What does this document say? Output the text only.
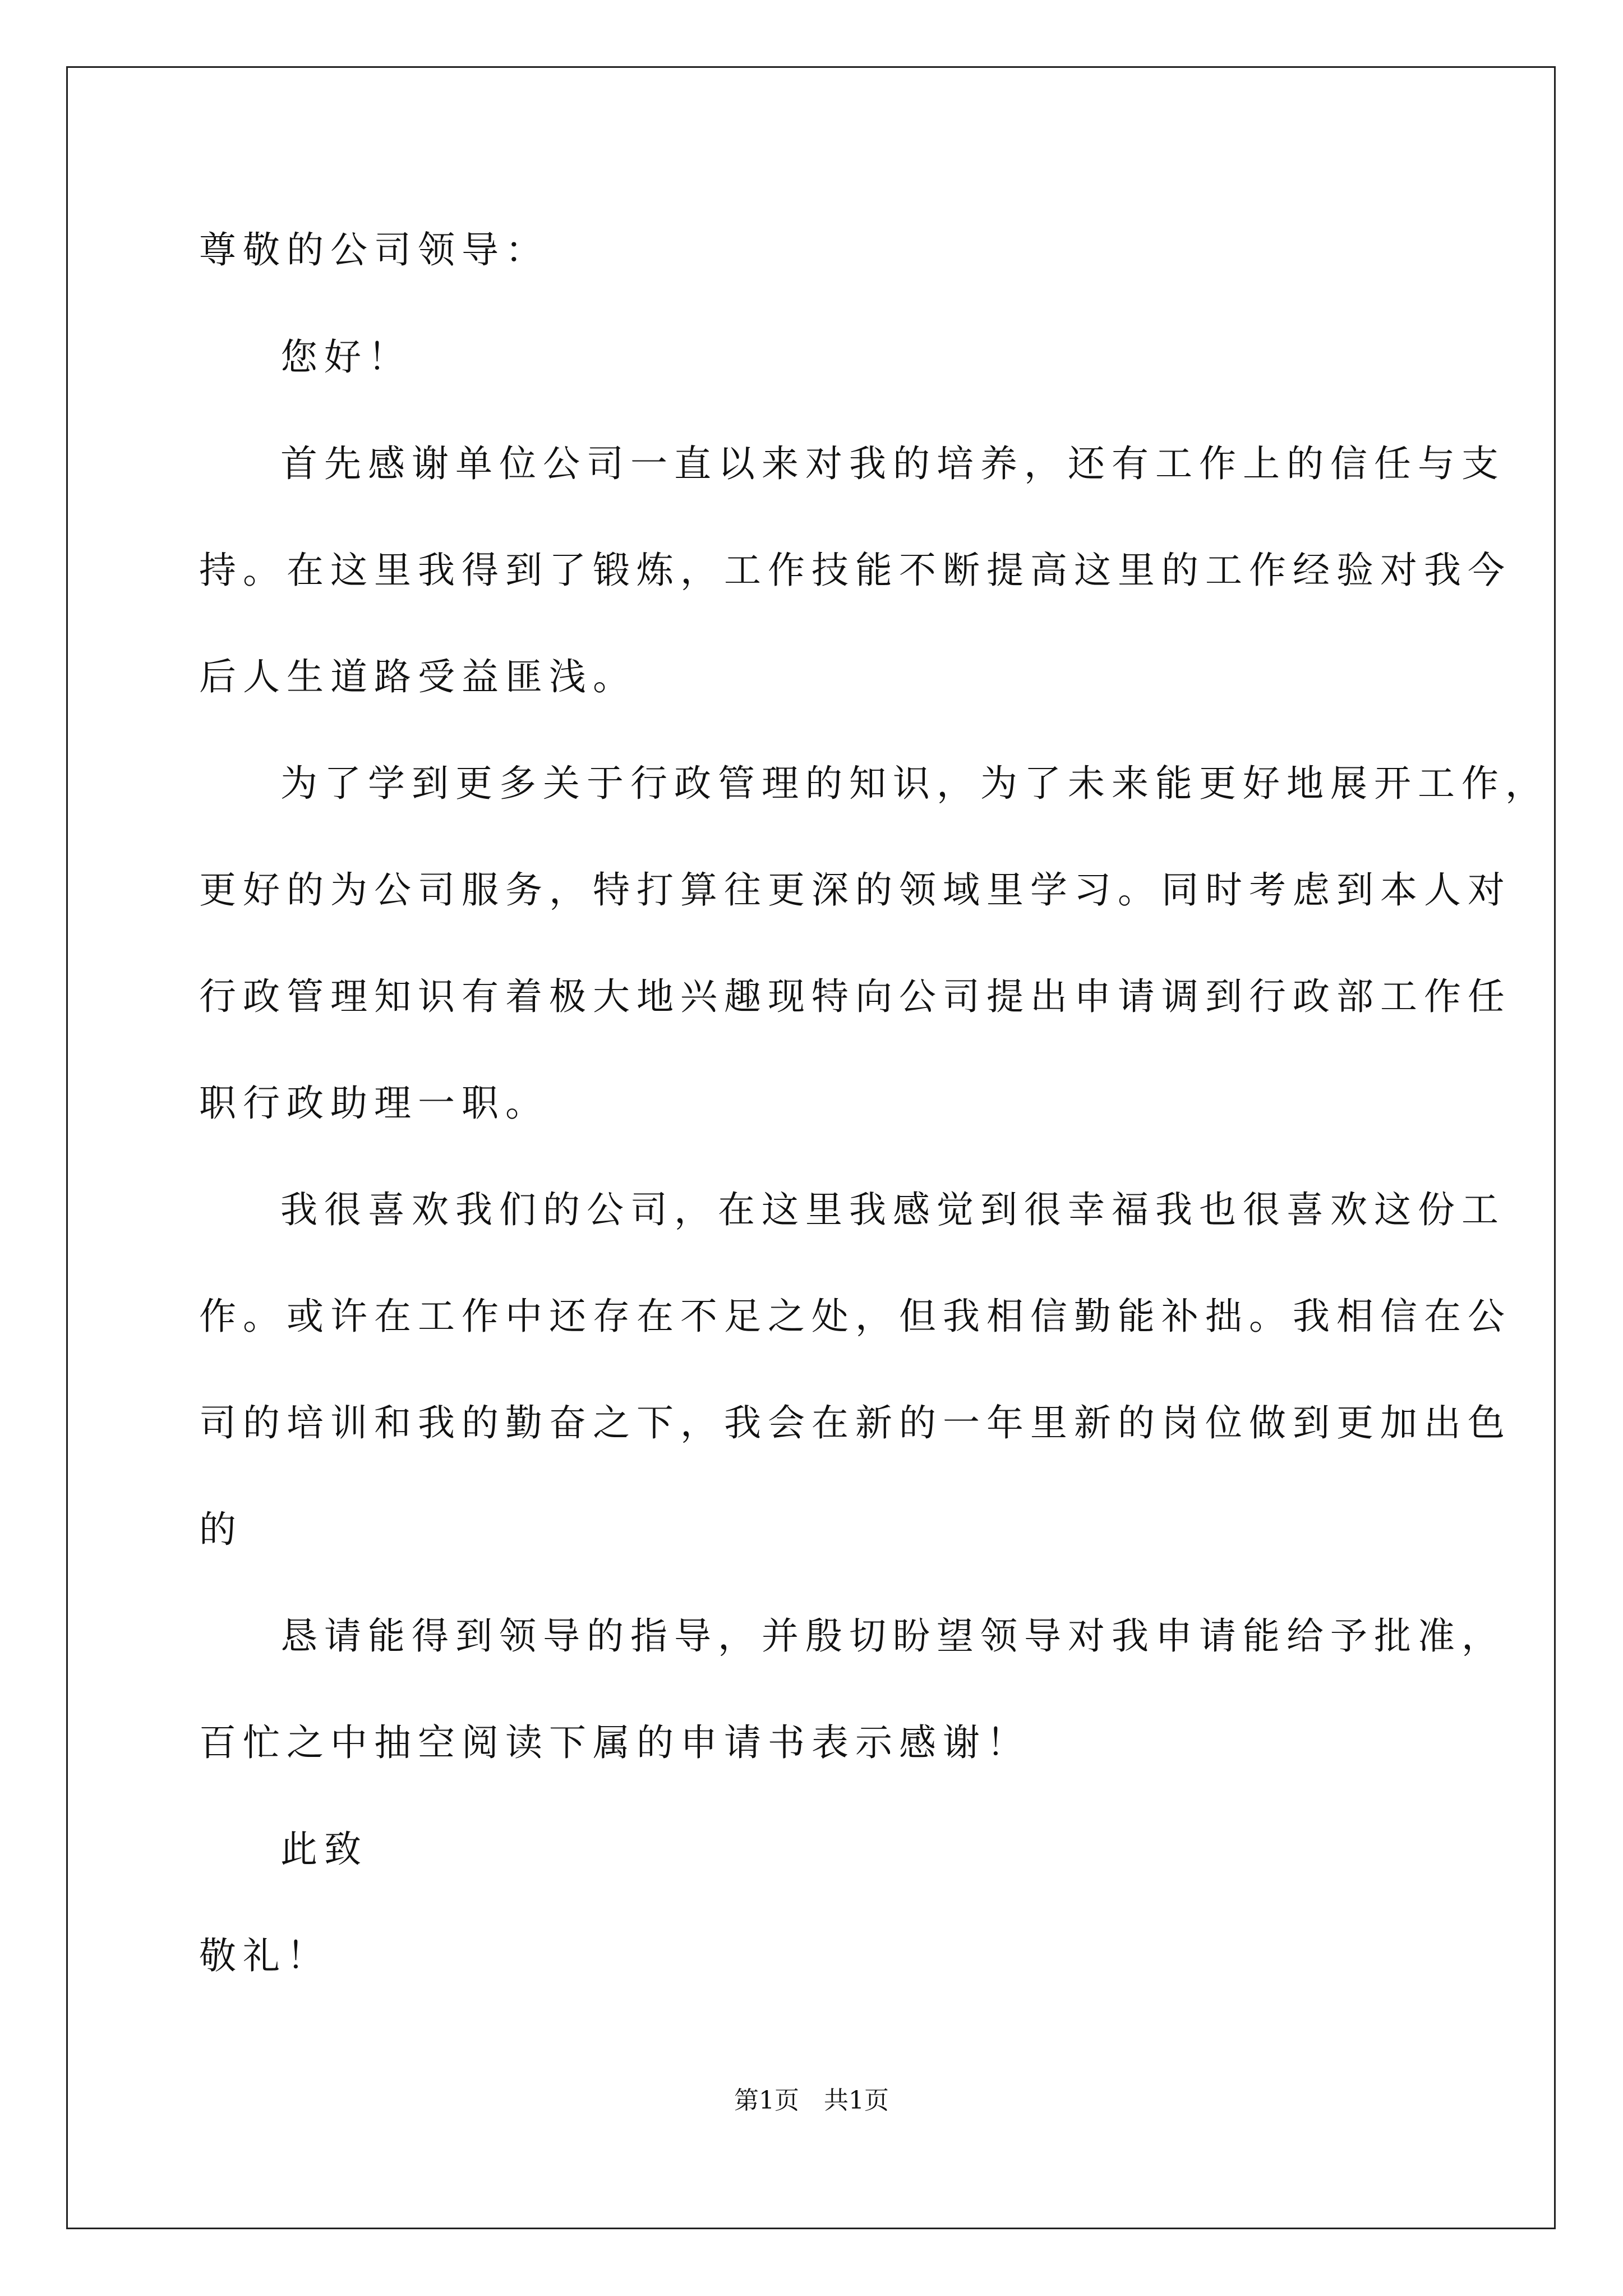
尊敬的公司领导：

您好！

首先感谢单位公司一直以来对我的培养，还有工作上的信任与支

持。在这里我得到了锻炼，工作技能不断提高这里的工作经验对我今

后人生道路受益匪浅。

为了学到更多关于行政管理的知识，为了未来能更好地展开工作，

更好的为公司服务，特打算往更深的领域里学习。同时考虑到本人对

行政管理知识有着极大地兴趣现特向公司提出申请调到行政部工作任

职行政助理一职。

我很喜欢我们的公司，在这里我感觉到很幸福我也很喜欢这份工

作。或许在工作中还存在不足之处，但我相信勤能补拙。我相信在公

司的培训和我的勤奋之下，我会在新的一年里新的岗位做到更加出色

的

恳请能得到领导的指导，并殷切盼望领导对我申请能给予批准，

百忙之中抽空阅读下属的申请书表示感谢！

此致

敬礼！

第1页　共1页
